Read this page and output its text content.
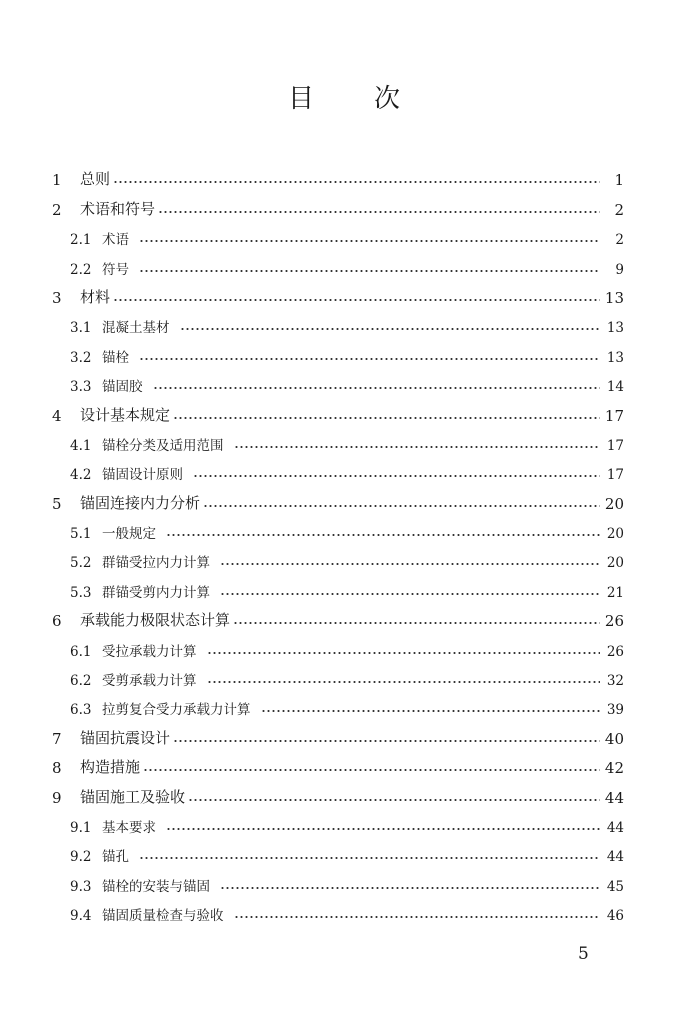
目 次
1	总则	1
2	术语和符号	2
2.1 术语	2
2.2 符号	9
3	材料	13
3.1 混凝土基材	13
3.2 锚栓	13
3.3 锚固胶	14
4	设计基本规定	17
4.1 锚栓分类及适用范围	17
4.2 锚固设计原则	17
5	锚固连接内力分析	20
5.1 一般规定	20
5.2 群锚受拉内力计算	20
5.3 群锚受剪内力计算	21
6	承载能力极限状态计算	26
6.1 受拉承载力计算	26
6.2 受剪承载力计算	32
6.3 拉剪复合受力承载力计算	39
7	锚固抗震设计	40
8	构造措施	42
9	锚固施工及验收	44
9.1 基本要求	44
9.2 锚孔	44
9.3 锚栓的安装与锚固	45
9.4 锚固质量检查与验收	46
5
